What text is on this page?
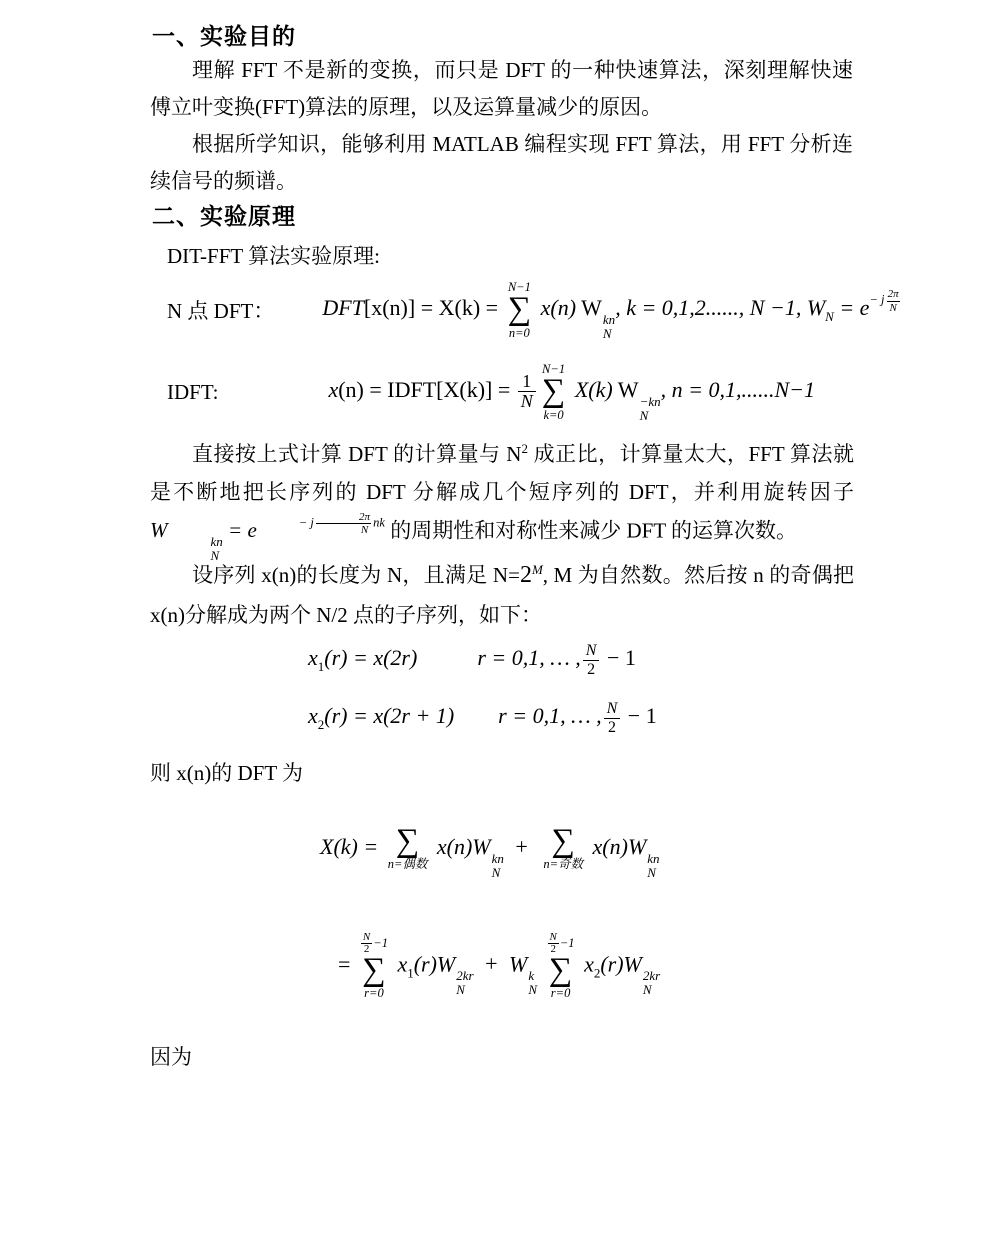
一、实验目的

理解 FFT 不是新的变换，而只是 DFT 的一种快速算法，深刻理解快速傅立叶变换(FFT)算法的原理，以及运算量减少的原因。

根据所学知识，能够利用 MATLAB 编程实现 FFT 算法，用 FFT 分析连续信号的频谱。

二、实验原理
DIT-FFT 算法实验原理:
N 点 DFT： DFT[x(n)] = X(k) =
N−1
∑
n=0
x(n) W kn
N
, k = 0,1,2......, N −1, $W_N = e- j \frac{2\pi}{N}$
IDFT:	x(n) = IDFT[X(k)] = $\frac{1}{N}$
N−1
∑
k=0
X(k) W −kn
N
, n = 0,1,......N−1

直接按上式计算 DFT 的计算量与 $N^2$ 成正比，计算量太大，FFT 算法就是不断地把长序列的 DFT 分解成几个短序列的 DFT，并利用旋转因子 W	kn
N
= e	− j $\frac{2\pi}{N}$ nk 的周期性和对称性来减少 DFT 的运算次数。

设序列 x(n)的长度为 N，且满足 $N=2^M$, M 为自然数。然后按 n 的奇偶把 x(n)分解成为两个 N/2 点的子序列，如下：

$x_1(r) = x(2r)$	r = 0,1, … , $\frac{N}{2} - 1$
$x_2(r) = x(2r + 1) r = 0,1$, … , $\frac{N}{2} - 1$
则 x(n)的 DFT 为
X(k) = ∑
n=偶数
x(n)W kn
N
+ ∑
n=奇数
x(n)W kn
N
=
$\frac{N}{2} -1$
∑
r=0
$x_1(r)W$ 2kr
N
+ W k
N

$\frac{N}{2} -1$
∑
r=0
$x_2(r)W$ 2kr
N
因为
